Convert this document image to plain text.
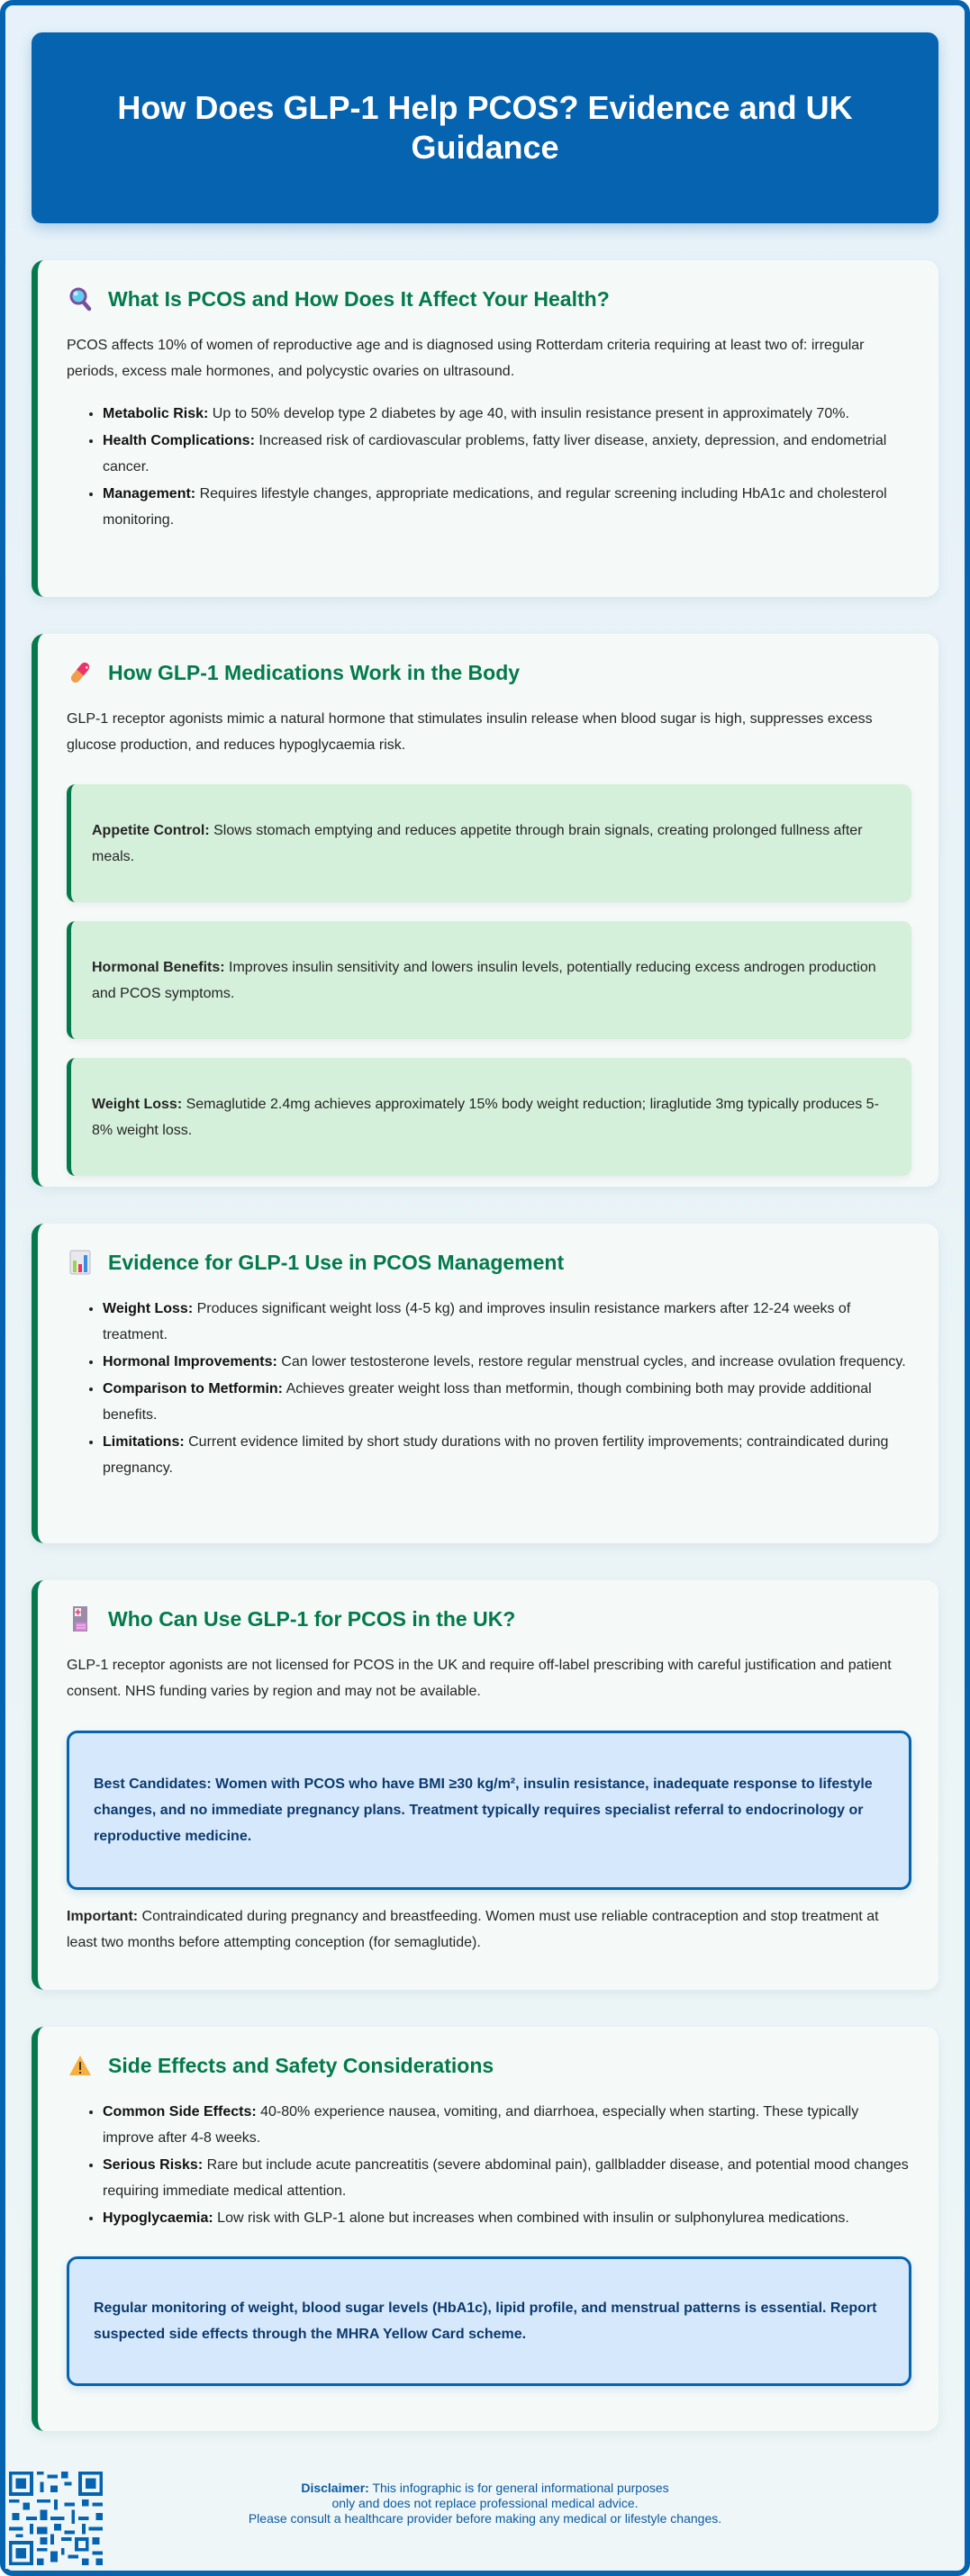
How Does GLP-1 Help PCOS? Evidence and UK Guidance
What Is PCOS and How Does It Affect Your Health?

PCOS affects 10% of women of reproductive age and is diagnosed using Rotterdam criteria requiring at least two of: irregular periods, excess male hormones, and polycystic ovaries on ultrasound.

• Metabolic Risk: Up to 50% develop type 2 diabetes by age 40, with insulin resistance present in approximately 70%.
• Health Complications: Increased risk of cardiovascular problems, fatty liver disease, anxiety, depression, and endometrial cancer.
• Management: Requires lifestyle changes, appropriate medications, and regular screening including HbA1c and cholesterol monitoring.
How GLP-1 Medications Work in the Body

GLP-1 receptor agonists mimic a natural hormone that stimulates insulin release when blood sugar is high, suppresses excess glucose production, and reduces hypoglycaemia risk.

Appetite Control: Slows stomach emptying and reduces appetite through brain signals, creating prolonged fullness after meals.

Hormonal Benefits: Improves insulin sensitivity and lowers insulin levels, potentially reducing excess androgen production and PCOS symptoms.

Weight Loss: Semaglutide 2.4mg achieves approximately 15% body weight reduction; liraglutide 3mg typically produces 5-8% weight loss.

Evidence for GLP-1 Use in PCOS Management
• Weight Loss: Produces significant weight loss (4-5 kg) and improves insulin resistance markers after 12-24 weeks of treatment.
• Hormonal Improvements: Can lower testosterone levels, restore regular menstrual cycles, and increase ovulation frequency.
• Comparison to Metformin: Achieves greater weight loss than metformin, though combining both may provide additional benefits.
• Limitations: Current evidence limited by short study durations with no proven fertility improvements; contraindicated during pregnancy.
Who Can Use GLP-1 for PCOS in the UK?

GLP-1 receptor agonists are not licensed for PCOS in the UK and require off-label prescribing with careful justification and patient consent. NHS funding varies by region and may not be available.

Best Candidates: Women with PCOS who have BMI ≥30 kg/m², insulin resistance, inadequate response to lifestyle changes, and no immediate pregnancy plans. Treatment typically requires specialist referral to endocrinology or reproductive medicine.

Important: Contraindicated during pregnancy and breastfeeding. Women must use reliable contraception and stop treatment at least two months before attempting conception (for semaglutide).

Side Effects and Safety Considerations
• Common Side Effects: 40-80% experience nausea, vomiting, and diarrhoea, especially when starting. These typically improve after 4-8 weeks.
• Serious Risks: Rare but include acute pancreatitis (severe abdominal pain), gallbladder disease, and potential mood changes requiring immediate medical attention.
• Hypoglycaemia: Low risk with GLP-1 alone but increases when combined with insulin or sulphonylurea medications.

Regular monitoring of weight, blood sugar levels (HbA1c), lipid profile, and menstrual patterns is essential. Report suspected side effects through the MHRA Yellow Card scheme.

Disclaimer: This infographic is for general informational purposes
only and does not replace professional medical advice.
Please consult a healthcare provider before making any medical or lifestyle changes.
